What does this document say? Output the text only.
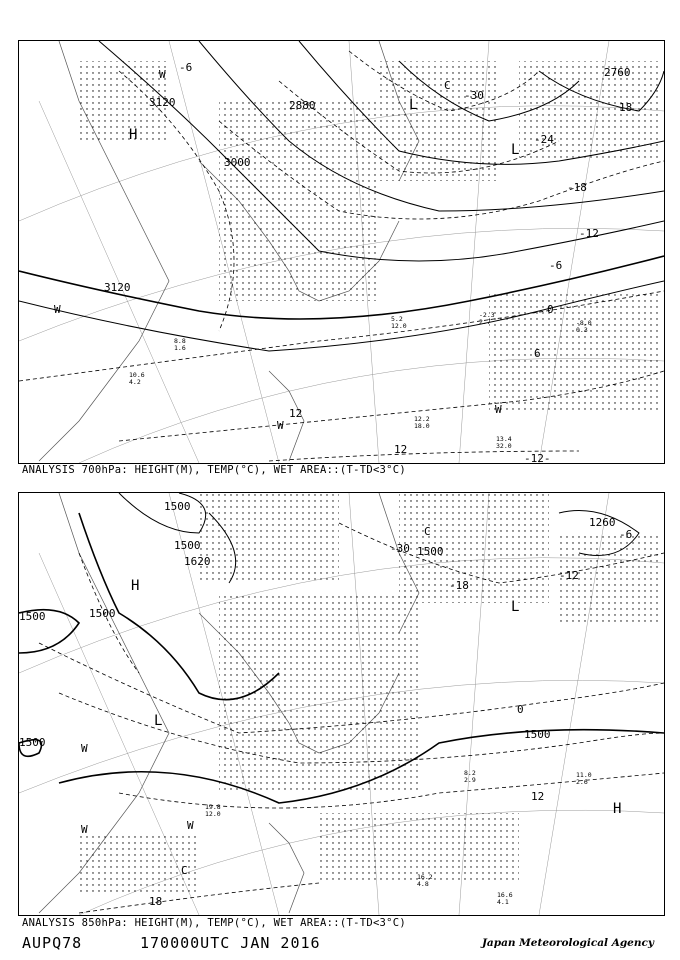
3120
3000
2880
2760
3120
-6
-30
-24
-18
-12
-6
0
6
12
12
-12-
18
H
L
L
W
W
W
W
C
12.2 18.0
13.4 32.0
5.2 12.0
-2.3 2.7	-8.0 0.3
8.8 1.6
10.6 4.2
ANALYSIS 700hPa: HEIGHT(M), TEMP(°C), WET AREA::(T-TD<3°C)
1500
1500
1500
1500
1500
1620
1500
1260
1500
-30
-18
-6
-12
0
12
18
H
L
L
H
W
W	W
C
C
16.2 4.8
16.6 4.1
19.8 12.0
11.0 2.6
8.2 2.9
ANALYSIS 850hPa: HEIGHT(M), TEMP(°C), WET AREA::(T-TD<3°C)
AUPQ78	170000UTC JAN 2016	Japan Meteorological Agency
